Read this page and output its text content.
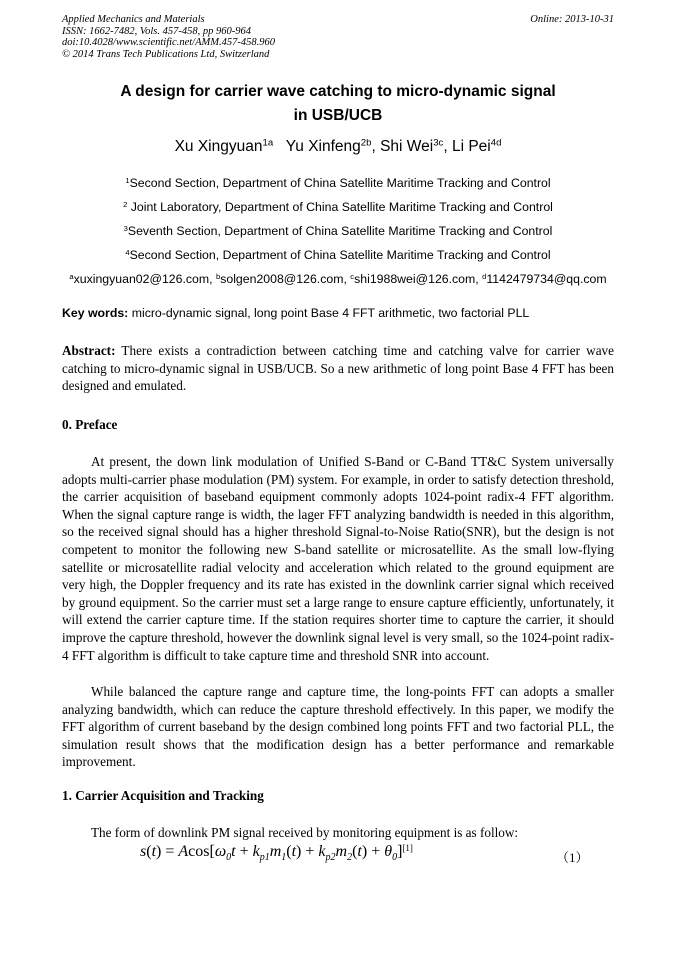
Applied Mechanics and Materials
ISSN: 1662-7482, Vols. 457-458, pp 960-964
doi:10.4028/www.scientific.net/AMM.457-458.960
© 2014 Trans Tech Publications Ltd, Switzerland
Online: 2013-10-31
A design for carrier wave catching to micro-dynamic signal
in USB/UCB
Xu Xingyuan$^{1a}$ Yu Xinfeng$^{2b}$, Shi Wei$^{3c}$, Li Pei$^{4d}$
$^1$Second Section, Department of China Satellite Maritime Tracking and Control
$^2$ Joint Laboratory, Department of China Satellite Maritime Tracking and Control
$^3$Seventh Section, Department of China Satellite Maritime Tracking and Control
$^4$Second Section, Department of China Satellite Maritime Tracking and Control
$^a$xuxingyuan02@126.com, $^b$solgen2008@126.com, $^c$shi1988wei@126.com, $^d$1142479734@qq.com
Key words: micro-dynamic signal, long point Base 4 FFT arithmetic, two factorial PLL
Abstract: There exists a contradiction between catching time and catching valve for carrier wave catching to micro-dynamic signal in USB/UCB. So a new arithmetic of long point Base 4 FFT has been designed and emulated.
0. Preface
At present, the down link modulation of Unified S-Band or C-Band TT&C System universally adopts multi-carrier phase modulation (PM) system. For example, in order to satisfy detection threshold, the carrier acquisition of baseband equipment commonly adopts 1024-point radix-4 FFT algorithm. When the signal capture range is width, the lager FFT analyzing bandwidth is needed in this algorithm, so the received signal should has a higher threshold Signal-to-Noise Ratio(SNR), but the design is not competent to monitor the following new S-band satellite or microsatellite. As the small low-flying satellite or microsatellite radial velocity and acceleration which related to the ground equipment are very high, the Doppler frequency and its rate has existed in the downlink carrier signal which received by ground equipment. So the carrier must set a large range to ensure capture efficiently, unfortunately, it will extend the carrier capture time. If the station requires shorter time to capture the carrier, it should improve the capture threshold, however the downlink signal level is very small, so the 1024-point radix-4 FFT algorithm is difficult to take capture time and threshold SNR into account.
While balanced the capture range and capture time, the long-points FFT can adopts a smaller analyzing bandwidth, which can reduce the capture threshold effectively. In this paper, we modify the FFT algorithm of current baseband by the design combined long points FFT and two factorial PLL, the simulation result shows that the modification design has a better performance and remarkable improvement.
1. Carrier Acquisition and Tracking
The form of downlink PM signal received by monitoring equipment is as follow:
$s(t) = Acos[\omega_0t + k_{p1}m_1(t) + k_{p2}m_2(t) + \theta_0][1]$
（1）
